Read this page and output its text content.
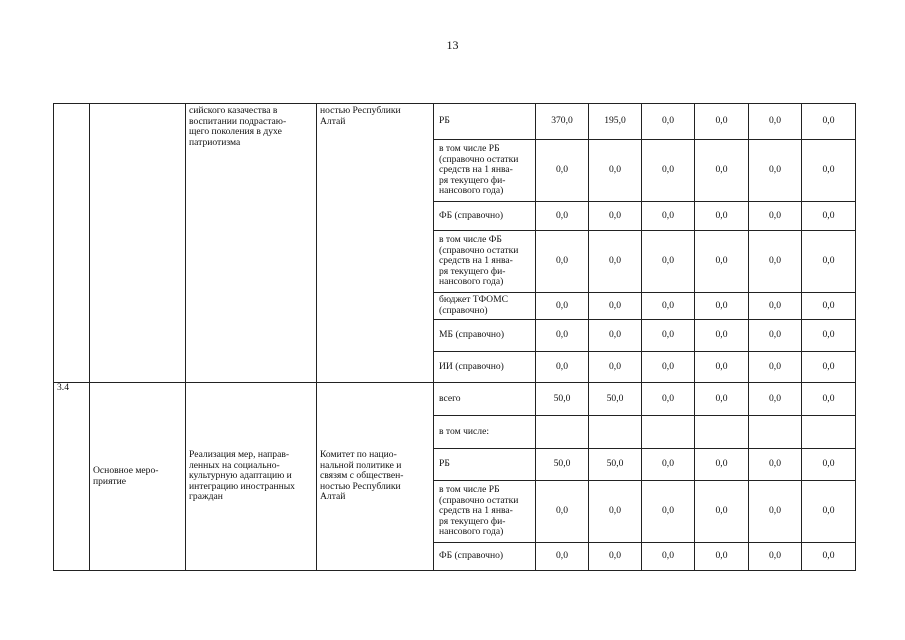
13
		сийского казачества в
воспитании подрастаю-
щего поколения в духе
патриотизма	ностью Республики
Алтай	РБ	370,0	195,0	0,0	0,0	0,0	0,0
				в том числе РБ
(справочно остатки
средств на 1 янва-
ря текущего фи-
нансового года)	0,0	0,0	0,0	0,0	0,0	0,0
				ФБ (справочно)	0,0	0,0	0,0	0,0	0,0	0,0
				в том числе ФБ
(справочно остатки
средств на 1 янва-
ря текущего фи-
нансового года)	0,0	0,0	0,0	0,0	0,0	0,0
				бюджет ТФОМС
(справочно)	0,0	0,0	0,0	0,0	0,0	0,0
				МБ (справочно)	0,0	0,0	0,0	0,0	0,0	0,0
				ИИ (справочно)	0,0	0,0	0,0	0,0	0,0	0,0
3.4	Основное меро-
приятие	Реализация мер, направ-
ленных на социально-
культурную адаптацию и
интеграцию иностранных
граждан	Комитет по нацио-
нальной политике и
связям с обществен-
ностью Республики
Алтай	всего	50,0	50,0	0,0	0,0	0,0	0,0
				в том числе:						
				РБ	50,0	50,0	0,0	0,0	0,0	0,0
				в том числе РБ
(справочно остатки
средств на 1 янва-
ря текущего фи-
нансового года)	0,0	0,0	0,0	0,0	0,0	0,0
				ФБ (справочно)	0,0	0,0	0,0	0,0	0,0	0,0
